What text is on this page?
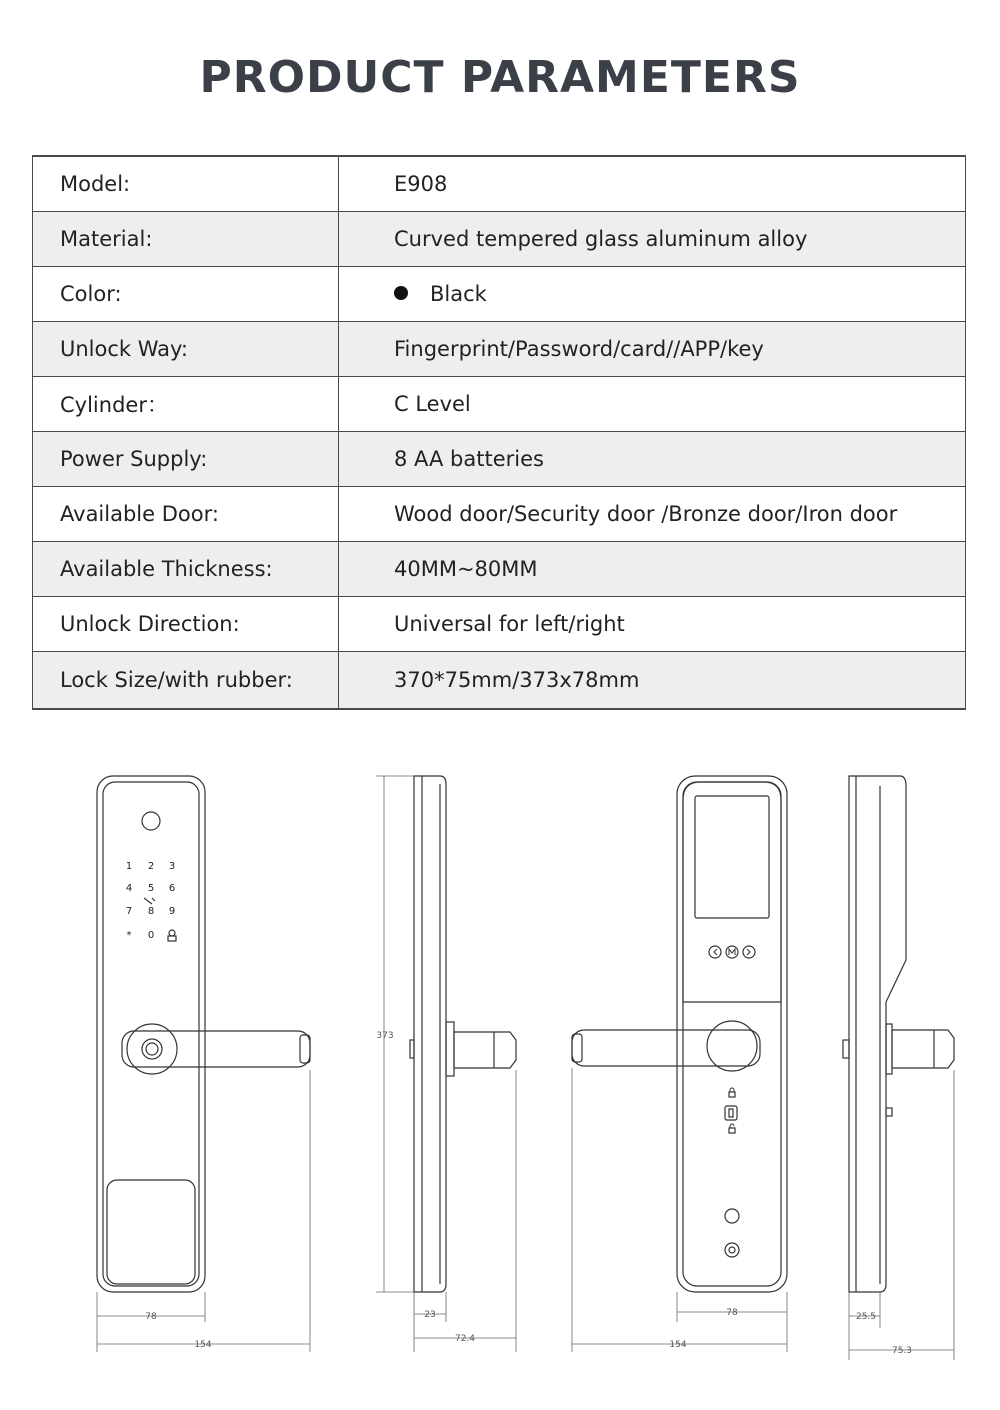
PRODUCT PARAMETERS
Model:	E908
Material:	Curved tempered glass aluminum alloy
Color:	Black
Unlock Way:	Fingerprint/Password/card//APP/key
Cylinder：	C Level
Power Supply:	8 AA batteries
Available Door:	Wood door/Security door /Bronze door/Iron door
Available Thickness:	40MM~80MM
Unlock Direction:	Universal for left/right
Lock Size/with rubber:	370*75mm/373x78mm
1 2 3
4 5 6
7 8 9
* 0
78
154
373
23
72.4
78
154
25.5
75.3
